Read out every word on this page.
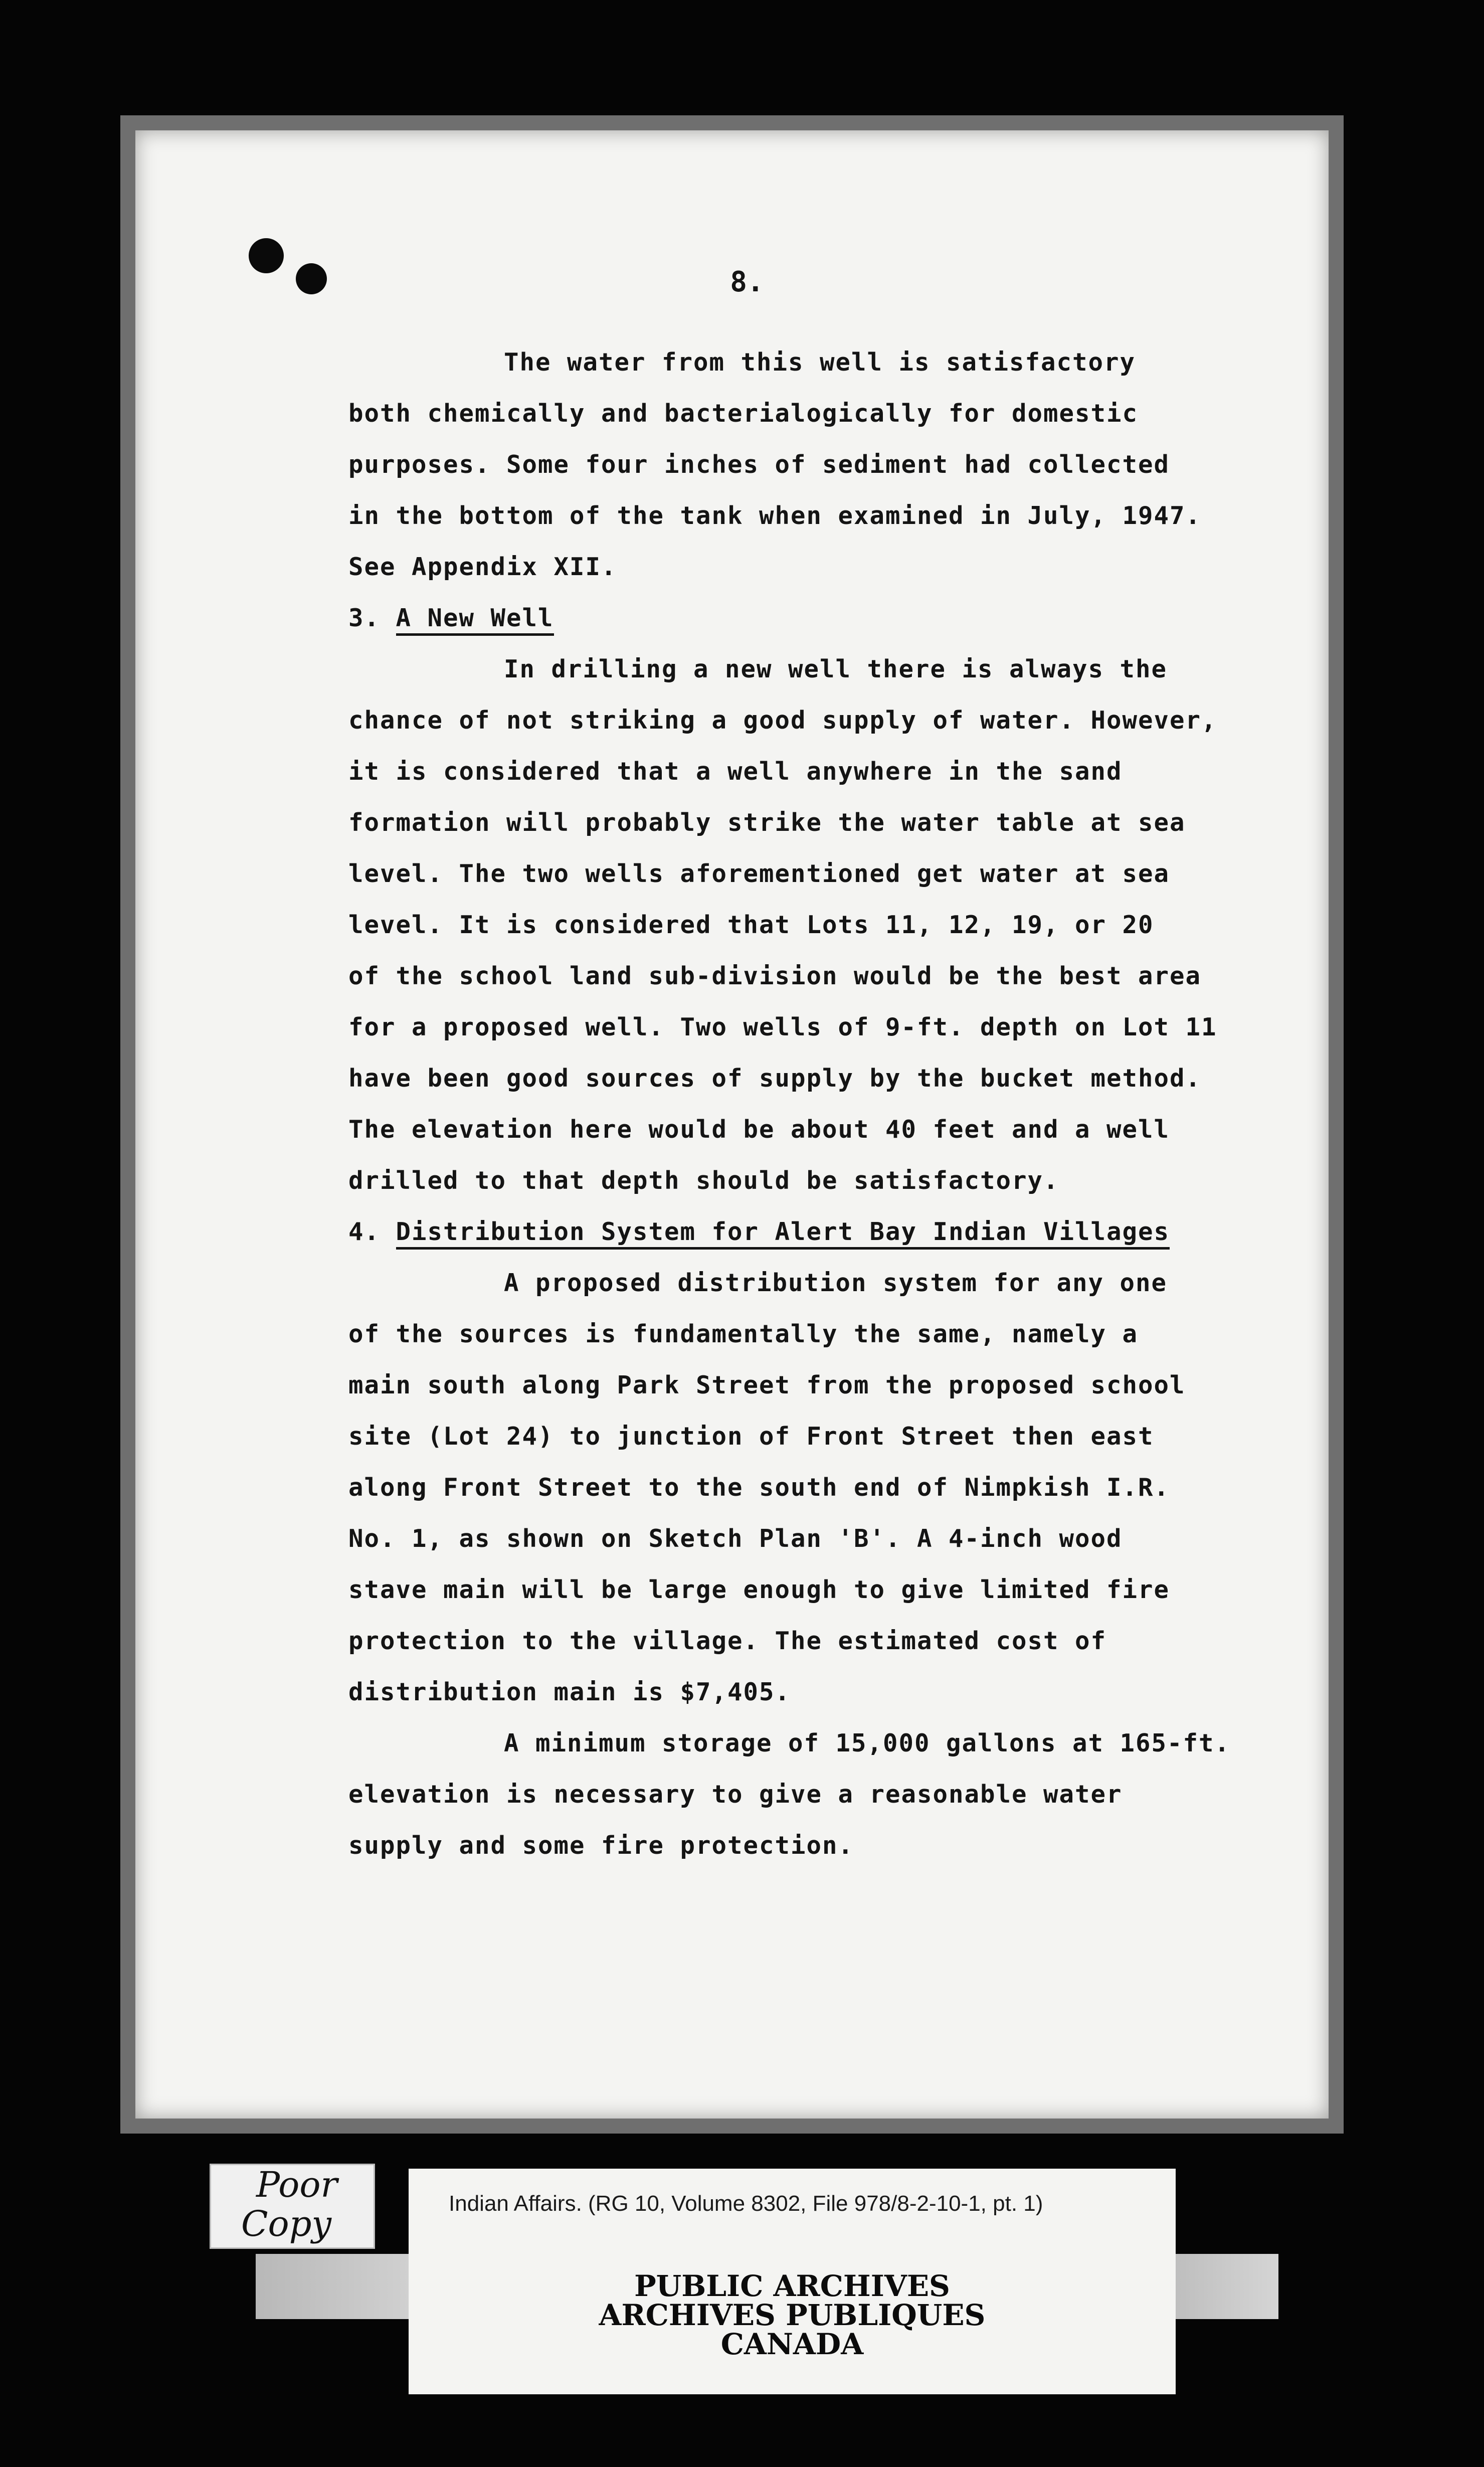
8.
The water from this well is satisfactory
both chemically and bacterialogically for domestic
purposes. Some four inches of sediment had collected
in the bottom of the tank when examined in July, 1947.
See Appendix XII.
3. A New Well
In drilling a new well there is always the
chance of not striking a good supply of water. However,
it is considered that a well anywhere in the sand
formation will probably strike the water table at sea
level. The two wells aforementioned get water at sea
level. It is considered that Lots 11, 12, 19, or 20
of the school land sub-division would be the best area
for a proposed well. Two wells of 9-ft. depth on Lot 11
have been good sources of supply by the bucket method.
The elevation here would be about 40 feet and a well
drilled to that depth should be satisfactory.
4. Distribution System for Alert Bay Indian Villages
A proposed distribution system for any one
of the sources is fundamentally the same, namely a
main south along Park Street from the proposed school
site (Lot 24) to junction of Front Street then east
along Front Street to the south end of Nimpkish I.R.
No. 1, as shown on Sketch Plan 'B'. A 4-inch wood
stave main will be large enough to give limited fire
protection to the village. The estimated cost of
distribution main is $7,405.
A minimum storage of 15,000 gallons at 165-ft.
elevation is necessary to give a reasonable water
supply and some fire protection.
Poor
Copy	Indian Affairs. (RG 10, Volume 8302, File 978/8-2-10-1, pt. 1)
PUBLIC ARCHIVES
ARCHIVES PUBLIQUES
CANADA
